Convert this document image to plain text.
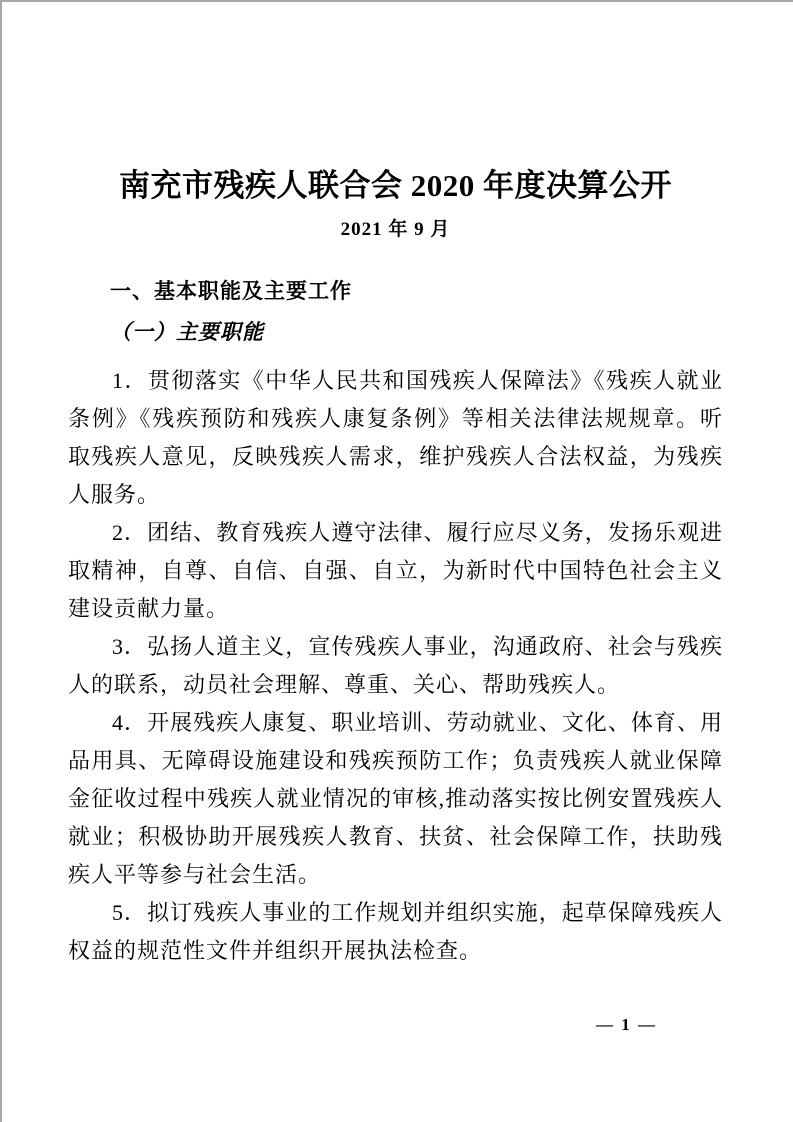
南充市残疾人联合会 2020 年度决算公开
2021 年 9 月
一、基本职能及主要工作
（一）主要职能

1．贯彻落实《中华人民共和国残疾人保障法》《残疾人就业条例》《残疾预防和残疾人康复条例》等相关法律法规规章。听取残疾人意见，反映残疾人需求，维护残疾人合法权益，为残疾人服务。

2．团结、教育残疾人遵守法律、履行应尽义务，发扬乐观进取精神，自尊、自信、自强、自立，为新时代中国特色社会主义建设贡献力量。

3．弘扬人道主义，宣传残疾人事业，沟通政府、社会与残疾人的联系，动员社会理解、尊重、关心、帮助残疾人。

4．开展残疾人康复、职业培训、劳动就业、文化、体育、用品用具、无障碍设施建设和残疾预防工作；负责残疾人就业保障金征收过程中残疾人就业情况的审核,推动落实按比例安置残疾人就业；积极协助开展残疾人教育、扶贫、社会保障工作，扶助残疾人平等参与社会生活。

5．拟订残疾人事业的工作规划并组织实施，起草保障残疾人权益的规范性文件并组织开展执法检查。

— 1 —
